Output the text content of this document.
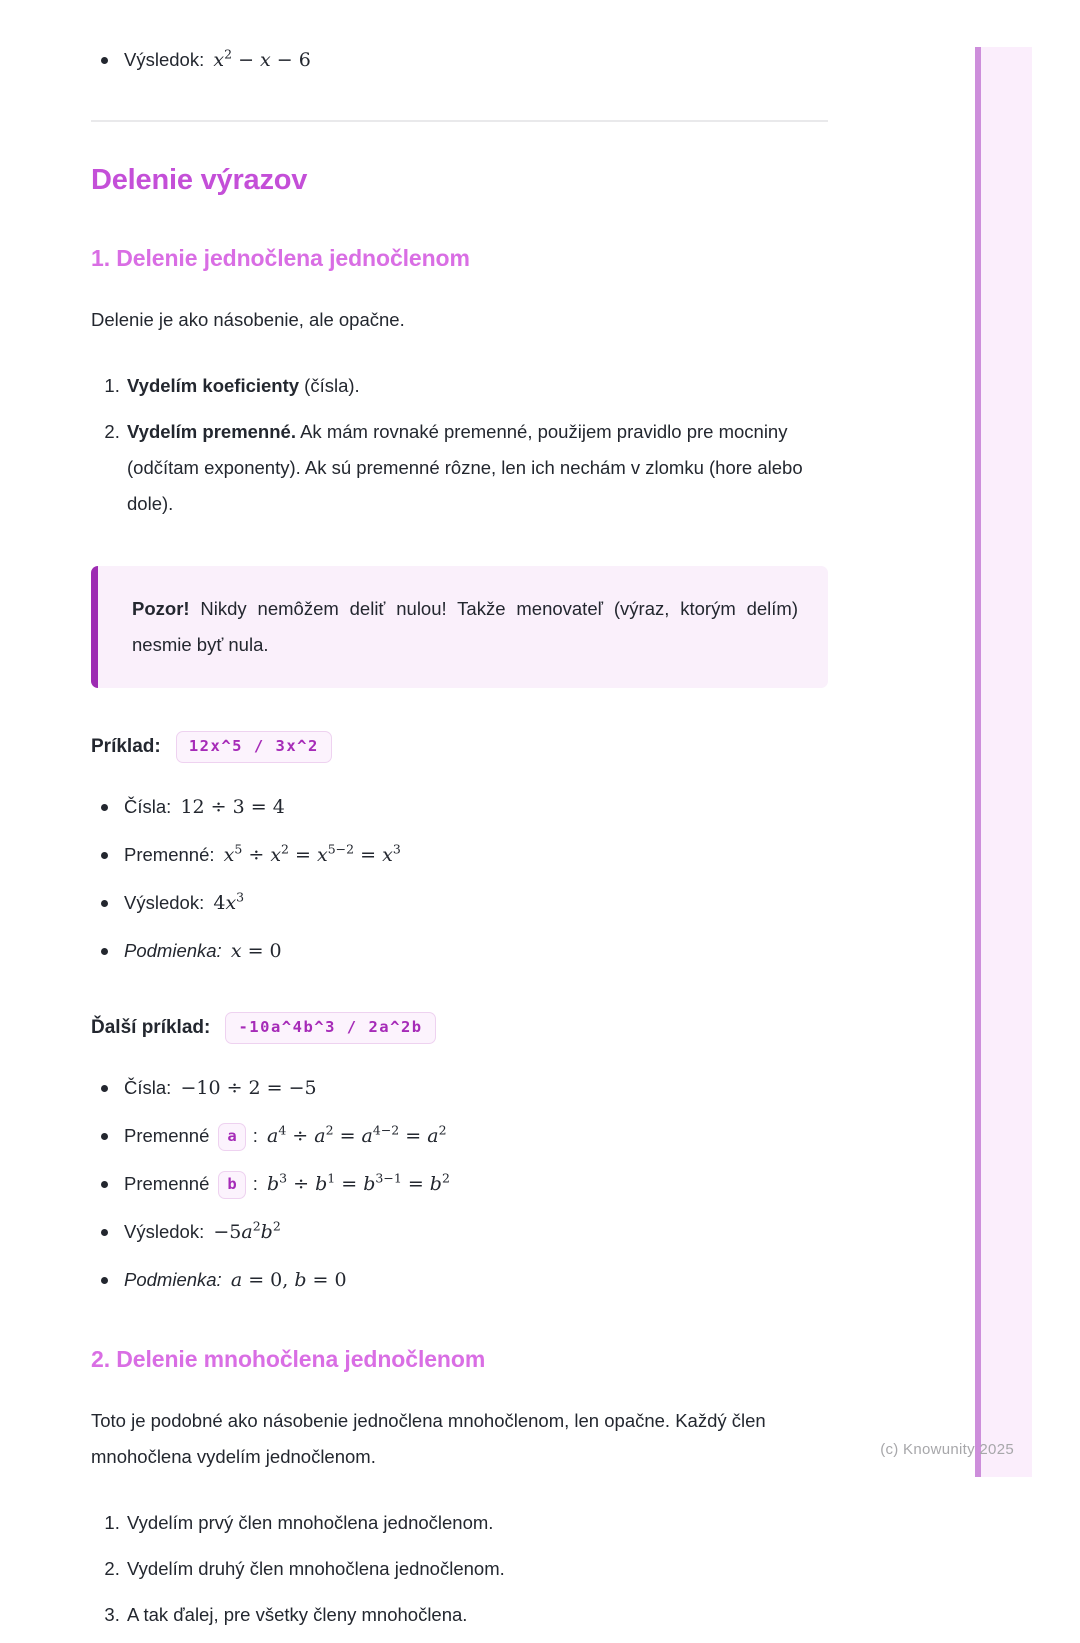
Výsledok: $x^2 - x - 6$
Delenie výrazov
1. Delenie jednočlena jednočlenom

Delenie je ako násobenie, ale opačne.

1. Vydelím koeficienty (čísla).
2. Vydelím premenné. Ak mám rovnaké premenné, použijem pravidlo pre mocniny (odčítam exponenty). Ak sú premenné rôzne, len ich nechám v zlomku (hore alebo dole).

Pozor! Nikdy nemôžem deliť nulou! Takže menovateľ (výraz, ktorým delím) nesmie byť nula.

Príklad: 12x^5 / 3x^2

Čísla: 12 ÷ 3 = 4
Premenné: $x^5 \div x^2 = x^{5-2} = x^3$
Výsledok: $4x^3$
Podmienka: x = 0

Ďalší príklad: -10a^4b^3 / 2a^2b

Čísla: −10 ÷ 2 = −5
Premenné a : $a^4 \div a^2 = a^{4-2} = a^2$
Premenné b : $b^3 \div b^1 = b^{3-1} = b^2$
Výsledok: $-5a^2b^2$
Podmienka: a = 0, b = 0
2. Delenie mnohočlena jednočlenom

Toto je podobné ako násobenie jednočlena mnohočlenom, len opačne. Každý člen mnohočlena vydelím jednočlenom.

1. Vydelím prvý člen mnohočlena jednočlenom.
2. Vydelím druhý člen mnohočlena jednočlenom.
3. A tak ďalej, pre všetky členy mnohočlena.
(c) Knowunity 2025
